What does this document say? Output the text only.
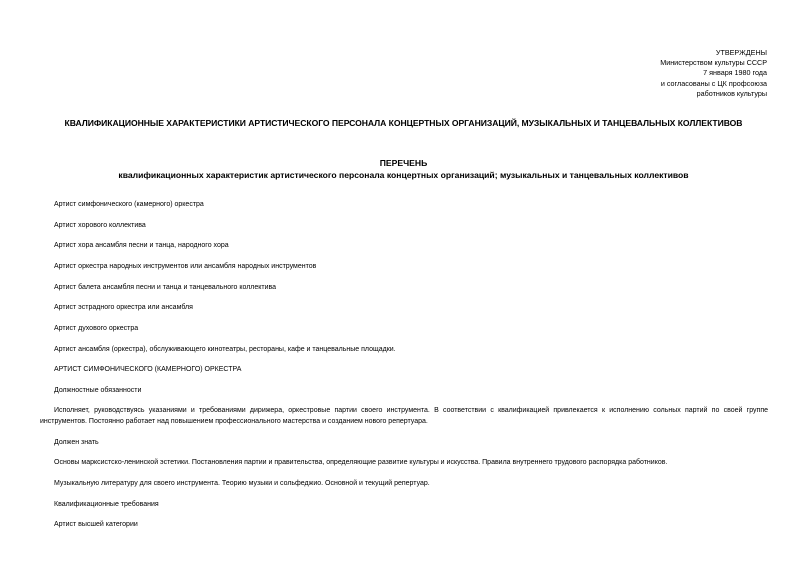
УТВЕРЖДЕНЫ
Министерством культуры СССР
7 января 1980 года
и согласованы с ЦК профсоюза
работников культуры
КВАЛИФИКАЦИОННЫЕ ХАРАКТЕРИСТИКИ АРТИСТИЧЕСКОГО ПЕРСОНАЛА КОНЦЕРТНЫХ ОРГАНИЗАЦИЙ, МУЗЫКАЛЬНЫХ И ТАНЦЕВАЛЬНЫХ КОЛЛЕКТИВОВ
ПЕРЕЧЕНЬ
квалификационных характеристик артистического персонала концертных организаций; музыкальных и танцевальных коллективов
Артист симфонического (камерного) оркестра
Артист хорового коллектива
Артист хора ансамбля песни и танца, народного хора
Артист оркестра народных инструментов или ансамбля народных инструментов
Артист балета ансамбля песни и танца и танцевального коллектива
Артист эстрадного оркестра или ансамбля
Артист духового оркестра
Артист ансамбля (оркестра), обслуживающего кинотеатры, рестораны, кафе и танцевальные площадки.
АРТИСТ СИМФОНИЧЕСКОГО (КАМЕРНОГО) ОРКЕСТРА
Должностные обязанности
Исполняет, руководствуясь указаниями и требованиями дирижера, оркестровые партии своего инструмента. В соответствии с квалификацией привлекается к исполнению сольных партий по своей группе инструментов. Постоянно работает над повышением профессионального мастерства и созданием нового репертуара.
Должен знать
Основы марксистско-ленинской эстетики. Постановления партии и правительства, определяющие развитие культуры и искусства. Правила внутреннего трудового распорядка работников.
Музыкальную литературу для своего инструмента. Теорию музыки и сольфеджио. Основной и текущий репертуар.
Квалификационные требования
Артист высшей категории
